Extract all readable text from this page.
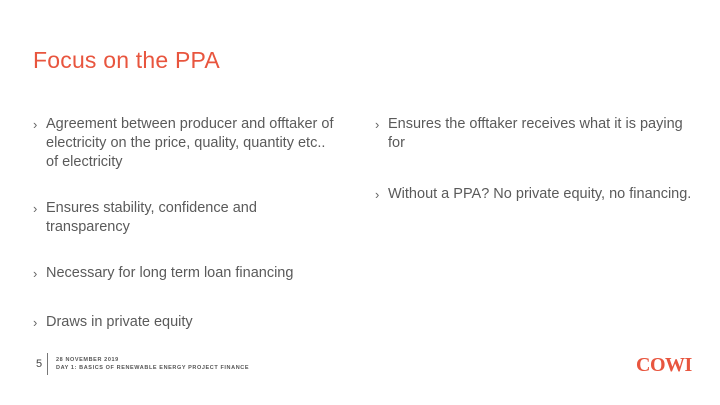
Focus on the PPA
› Agreement between producer and offtaker of electricity on the price, quality, quantity etc.. of electricity
› Ensures stability, confidence and transparency
› Necessary for long term loan financing
› Draws in private equity
› Ensures the offtaker receives what it is paying for
› Without a PPA? No private equity, no financing.
5	28 NOVEMBER 2019
DAY 1: BASICS OF RENEWABLE ENERGY PROJECT FINANCE	COWI
